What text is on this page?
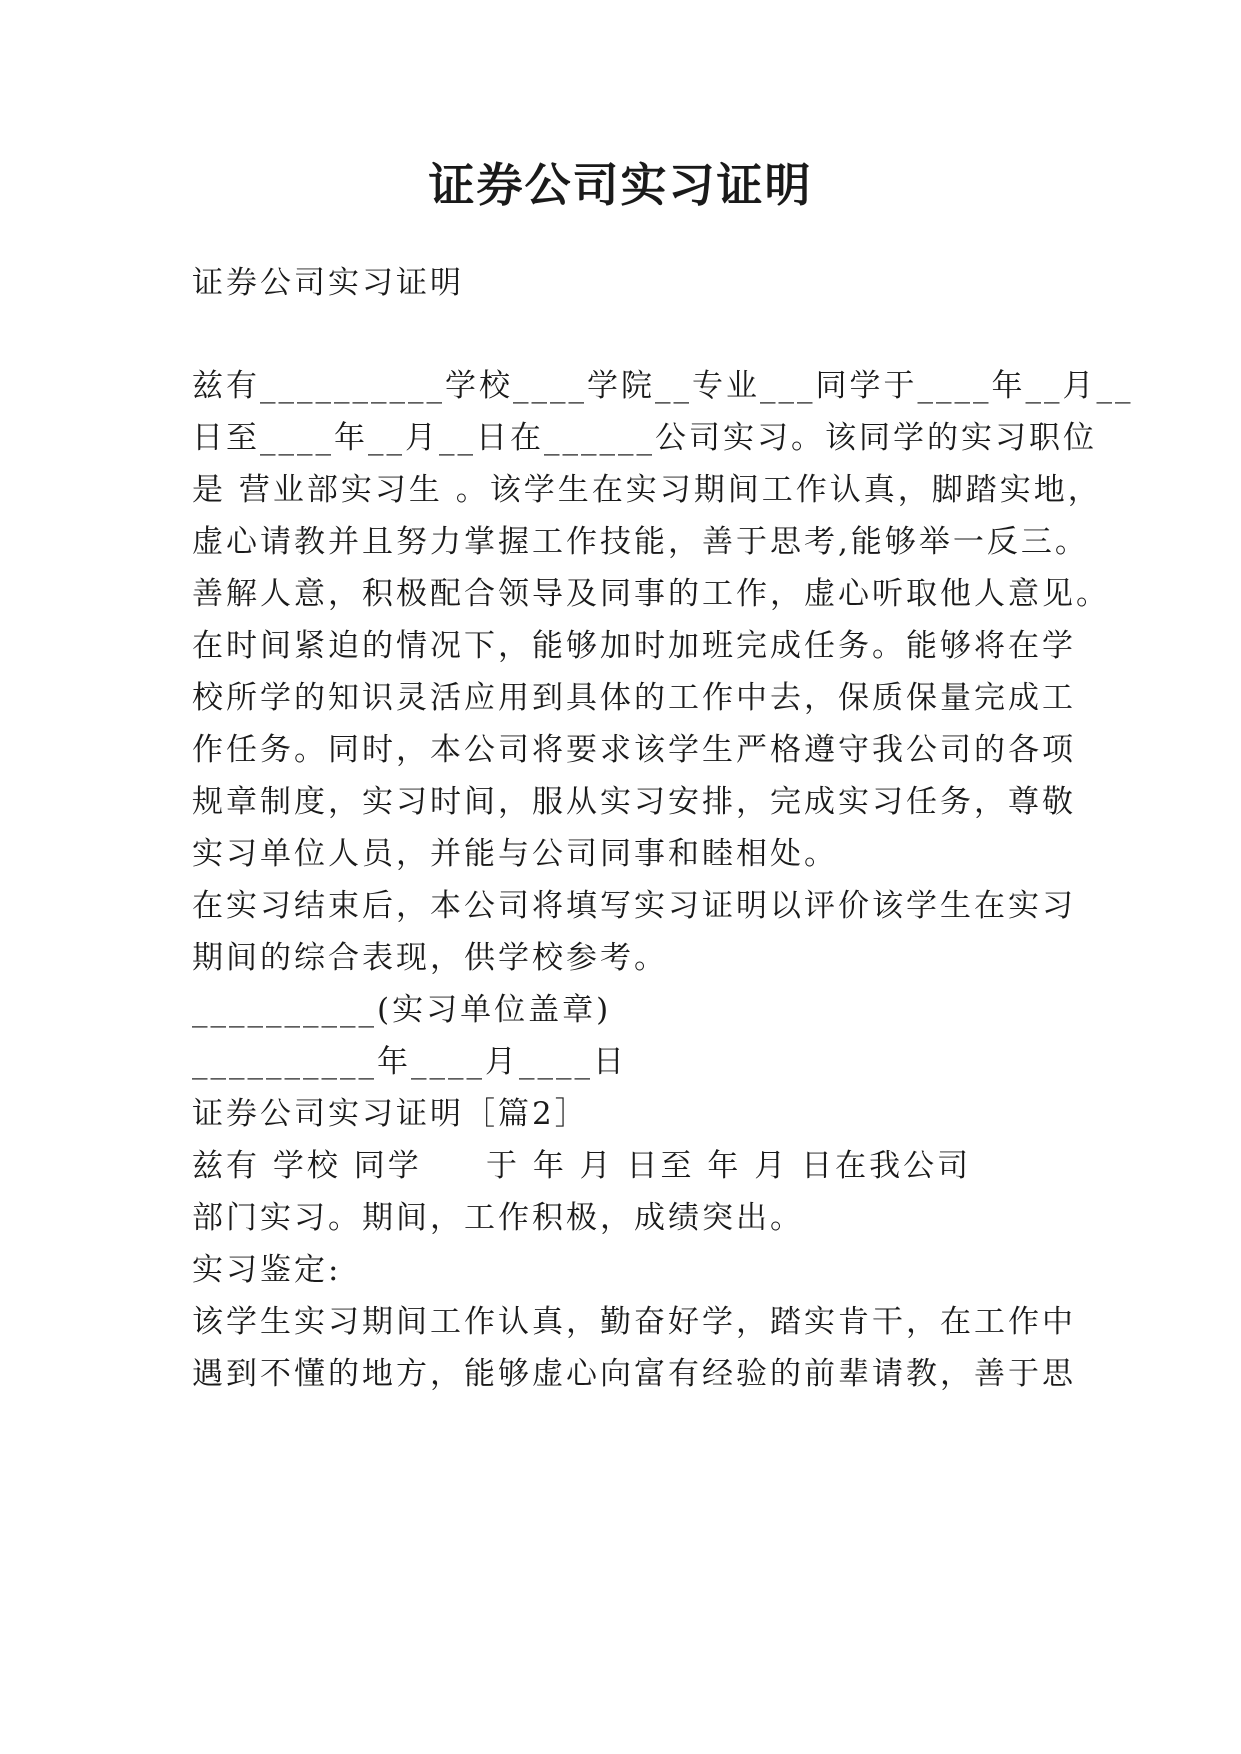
证券公司实习证明
证券公司实习证明
兹有__________学校____学院__专业___同学于____年__月__
日至____年__月__日在______公司实习。该同学的实习职位
是 营业部实习生 。该学生在实习期间工作认真，脚踏实地，
虚心请教并且努力掌握工作技能，善于思考,能够举一反三。
善解人意，积极配合领导及同事的工作，虚心听取他人意见。
在时间紧迫的情况下，能够加时加班完成任务。能够将在学
校所学的知识灵活应用到具体的工作中去，保质保量完成工
作任务。同时，本公司将要求该学生严格遵守我公司的各项
规章制度，实习时间，服从实习安排，完成实习任务，尊敬
实习单位人员，并能与公司同事和睦相处。
在实习结束后，本公司将填写实习证明以评价该学生在实习
期间的综合表现，供学校参考。
__________(实习单位盖章)
__________年____月____日
证券公司实习证明［篇2］
兹有 学校 同学     于 年 月 日至 年 月 日在我公司
部门实习。期间，工作积极，成绩突出。
实习鉴定:
该学生实习期间工作认真，勤奋好学，踏实肯干，在工作中
遇到不懂的地方，能够虚心向富有经验的前辈请教，善于思
